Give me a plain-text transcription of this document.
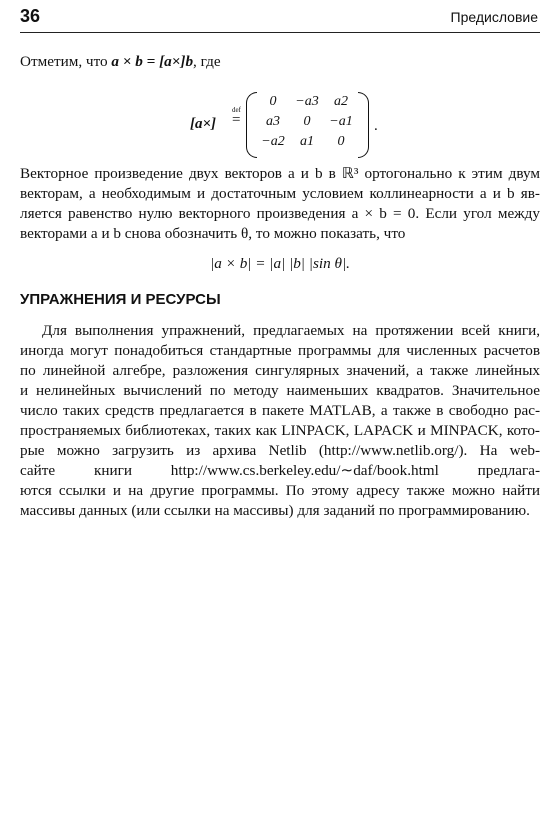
36	Предисловие
Отметим, что a × b = [a×]b, где
[a×]
def
=
0	−a3	a2
a3	0	−a1
−a2	a1	0
.
Векторное произведение двух векторов a и b в ℝ³ ортогонально к этим двум
векторам, а необходимым и достаточным условием коллинеарности a и b яв-
ляется равенство нулю векторного произведения a × b = 0. Если угол между
векторами a и b снова обозначить θ, то можно показать, что
|a × b| = |a| |b| |sin θ|.
УПРАЖНЕНИЯ И РЕСУРСЫ
Для выполнения упражнений, предлагаемых на протяжении всей книги,
иногда могут понадобиться стандартные программы для численных расчетов
по линейной алгебре, разложения сингулярных значений, а также линейных
и нелинейных вычислений по методу наименьших квадратов. Значительное
число таких средств предлагается в пакете MATLAB, а также в свободно рас-
пространяемых библиотеках, таких как LINPACK, LAPACK и MINPACK, кото-
рые можно загрузить из архива Netlib (http://www.netlib.org/). На web-
сайте книги http://www.cs.berkeley.edu/∼daf/book.html предлага-
ются ссылки и на другие программы. По этому адресу также можно найти
массивы данных (или ссылки на массивы) для заданий по программированию.
